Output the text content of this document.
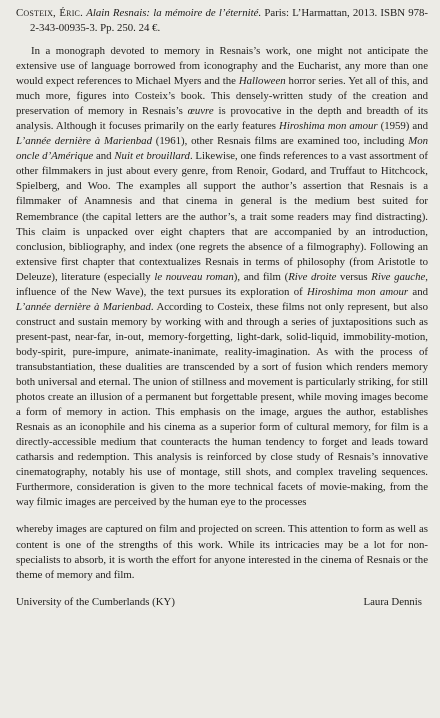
Costeix, Éric. Alain Resnais: la mémoire de l’éternité. Paris: L’Harmattan, 2013. ISBN 978-2-343-00935-3. Pp. 250. 24 €.

In a monograph devoted to memory in Resnais’s work, one might not anticipate the extensive use of language borrowed from iconography and the Eucharist, any more than one would expect references to Michael Myers and the Halloween horror series. Yet all of this, and much more, figures into Costeix’s book. This densely-written study of the creation and preservation of memory in Resnais’s œuvre is provocative in the depth and breadth of its analysis. Although it focuses primarily on the early features Hiroshima mon amour (1959) and L’année dernière à Marienbad (1961), other Resnais films are examined too, including Mon oncle d’Amérique and Nuit et brouillard. Likewise, one finds references to a vast assortment of other filmmakers in just about every genre, from Renoir, Godard, and Truffaut to Hitchcock, Spielberg, and Woo. The examples all support the author’s assertion that Resnais is a filmmaker of Anamnesis and that cinema in general is the medium best suited for Remembrance (the capital letters are the author’s, a trait some readers may find distracting). This claim is unpacked over eight chapters that are accompanied by an introduction, conclusion, bibliography, and index (one regrets the absence of a filmography). Following an extensive first chapter that contextualizes Resnais in terms of philosophy (from Aristotle to Deleuze), literature (especially le nouveau roman), and film (Rive droite versus Rive gauche, influence of the New Wave), the text pursues its exploration of Hiroshima mon amour and L’année dernière à Marienbad. According to Costeix, these films not only represent, but also construct and sustain memory by working with and through a series of juxtapositions such as present-past, near-far, in-out, memory-forgetting, light-dark, solid-liquid, immobility-motion, body-spirit, pure-impure, animate-inanimate, reality-imagination. As with the process of transubstantiation, these dualities are transcended by a sort of fusion which renders memory both universal and eternal. The union of stillness and movement is particularly striking, for still photos create an illusion of a permanent but forgettable present, while moving images become a form of memory in action. This emphasis on the image, argues the author, establishes Resnais as an iconophile and his cinema as a superior form of cultural memory, for film is a directly-accessible medium that counteracts the human tendency to forget and leads toward catharsis and redemption. This analysis is reinforced by close study of Resnais’s innovative cinematography, notably his use of montage, still shots, and complex traveling sequences. Furthermore, consideration is given to the more technical facets of movie-making, from the way filmic images are perceived by the human eye to the processes

whereby images are captured on film and projected on screen. This attention to form as well as content is one of the strengths of this work. While its intricacies may be a lot for non-specialists to absorb, it is worth the effort for anyone interested in the cinema of Resnais or the theme of memory and film.

University of the Cumberlands (KY)	Laura Dennis
